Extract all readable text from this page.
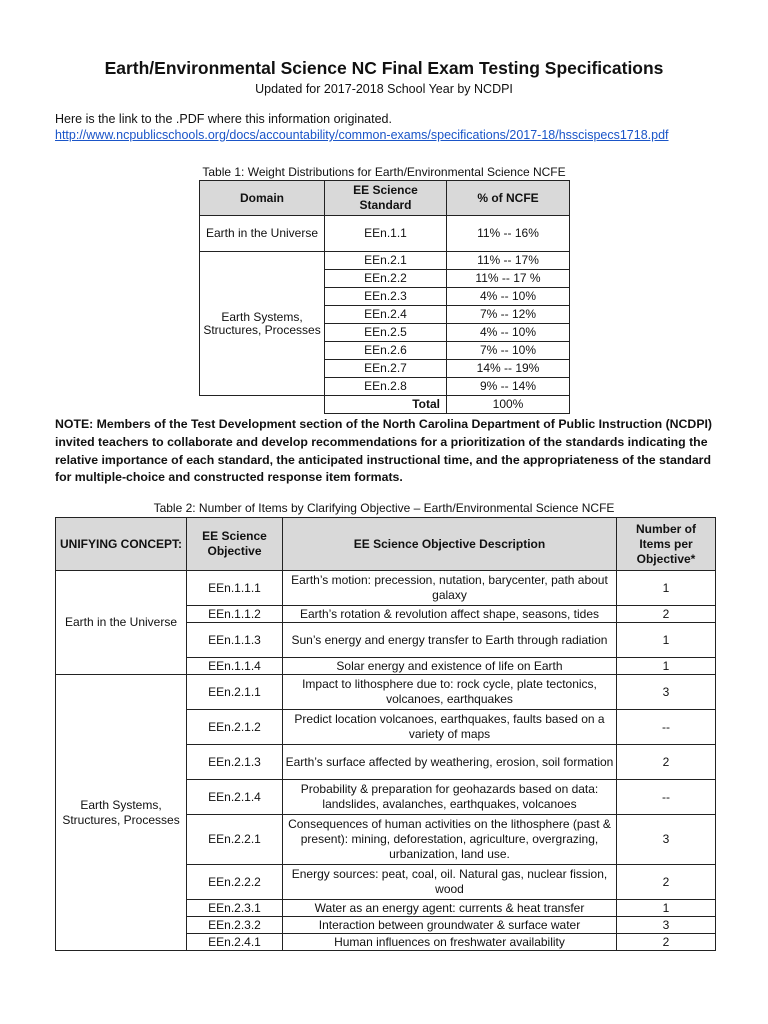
Earth/Environmental Science NC Final Exam Testing Specifications
Updated for 2017-2018 School Year by NCDPI
Here is the link to the .PDF where this information originated.
http://www.ncpublicschools.org/docs/accountability/common-exams/specifications/2017-18/hsscispecs1718.pdf
Table 1: Weight Distributions for Earth/Environmental Science NCFE
Domain	EE Science Standard	% of NCFE
Earth in the Universe	EEn.1.1	11% -- 16%
Earth Systems, Structures, Processes	EEn.2.1	11% -- 17%
	EEn.2.2	11% -- 17 %
	EEn.2.3	4% -- 10%
	EEn.2.4	7% -- 12%
	EEn.2.5	4% -- 10%
	EEn.2.6	7% -- 10%
	EEn.2.7	14% -- 19%
	EEn.2.8	9% -- 14%
	Total	100%
NOTE: Members of the Test Development section of the North Carolina Department of Public Instruction (NCDPI) invited teachers to collaborate and develop recommendations for a prioritization of the standards indicating the relative importance of each standard, the anticipated instructional time, and the appropriateness of the standard for multiple-choice and constructed response item formats.
Table 2: Number of Items by Clarifying Objective – Earth/Environmental Science NCFE
UNIFYING CONCEPT:	EE Science Objective	EE Science Objective Description	Number of Items per Objective*
Earth in the Universe	EEn.1.1.1	Earth’s motion: precession, nutation, barycenter, path about galaxy	1
	EEn.1.1.2	Earth’s rotation & revolution affect shape, seasons, tides	2
	EEn.1.1.3	Sun’s energy and energy transfer to Earth through radiation	1
	EEn.1.1.4	Solar energy and existence of life on Earth	1
Earth Systems, Structures, Processes	EEn.2.1.1	Impact to lithosphere due to: rock cycle, plate tectonics, volcanoes, earthquakes	3
	EEn.2.1.2	Predict location volcanoes, earthquakes, faults based on a variety of maps	--
	EEn.2.1.3	Earth’s surface affected by weathering, erosion, soil formation	2
	EEn.2.1.4	Probability & preparation for geohazards based on data: landslides, avalanches, earthquakes, volcanoes	--
	EEn.2.2.1	Consequences of human activities on the lithosphere (past & present): mining, deforestation, agriculture, overgrazing, urbanization, land use.	3
	EEn.2.2.2	Energy sources: peat, coal, oil. Natural gas, nuclear fission, wood	2
	EEn.2.3.1	Water as an energy agent: currents & heat transfer	1
	EEn.2.3.2	Interaction between groundwater & surface water	3
	EEn.2.4.1	Human influences on freshwater availability	2
